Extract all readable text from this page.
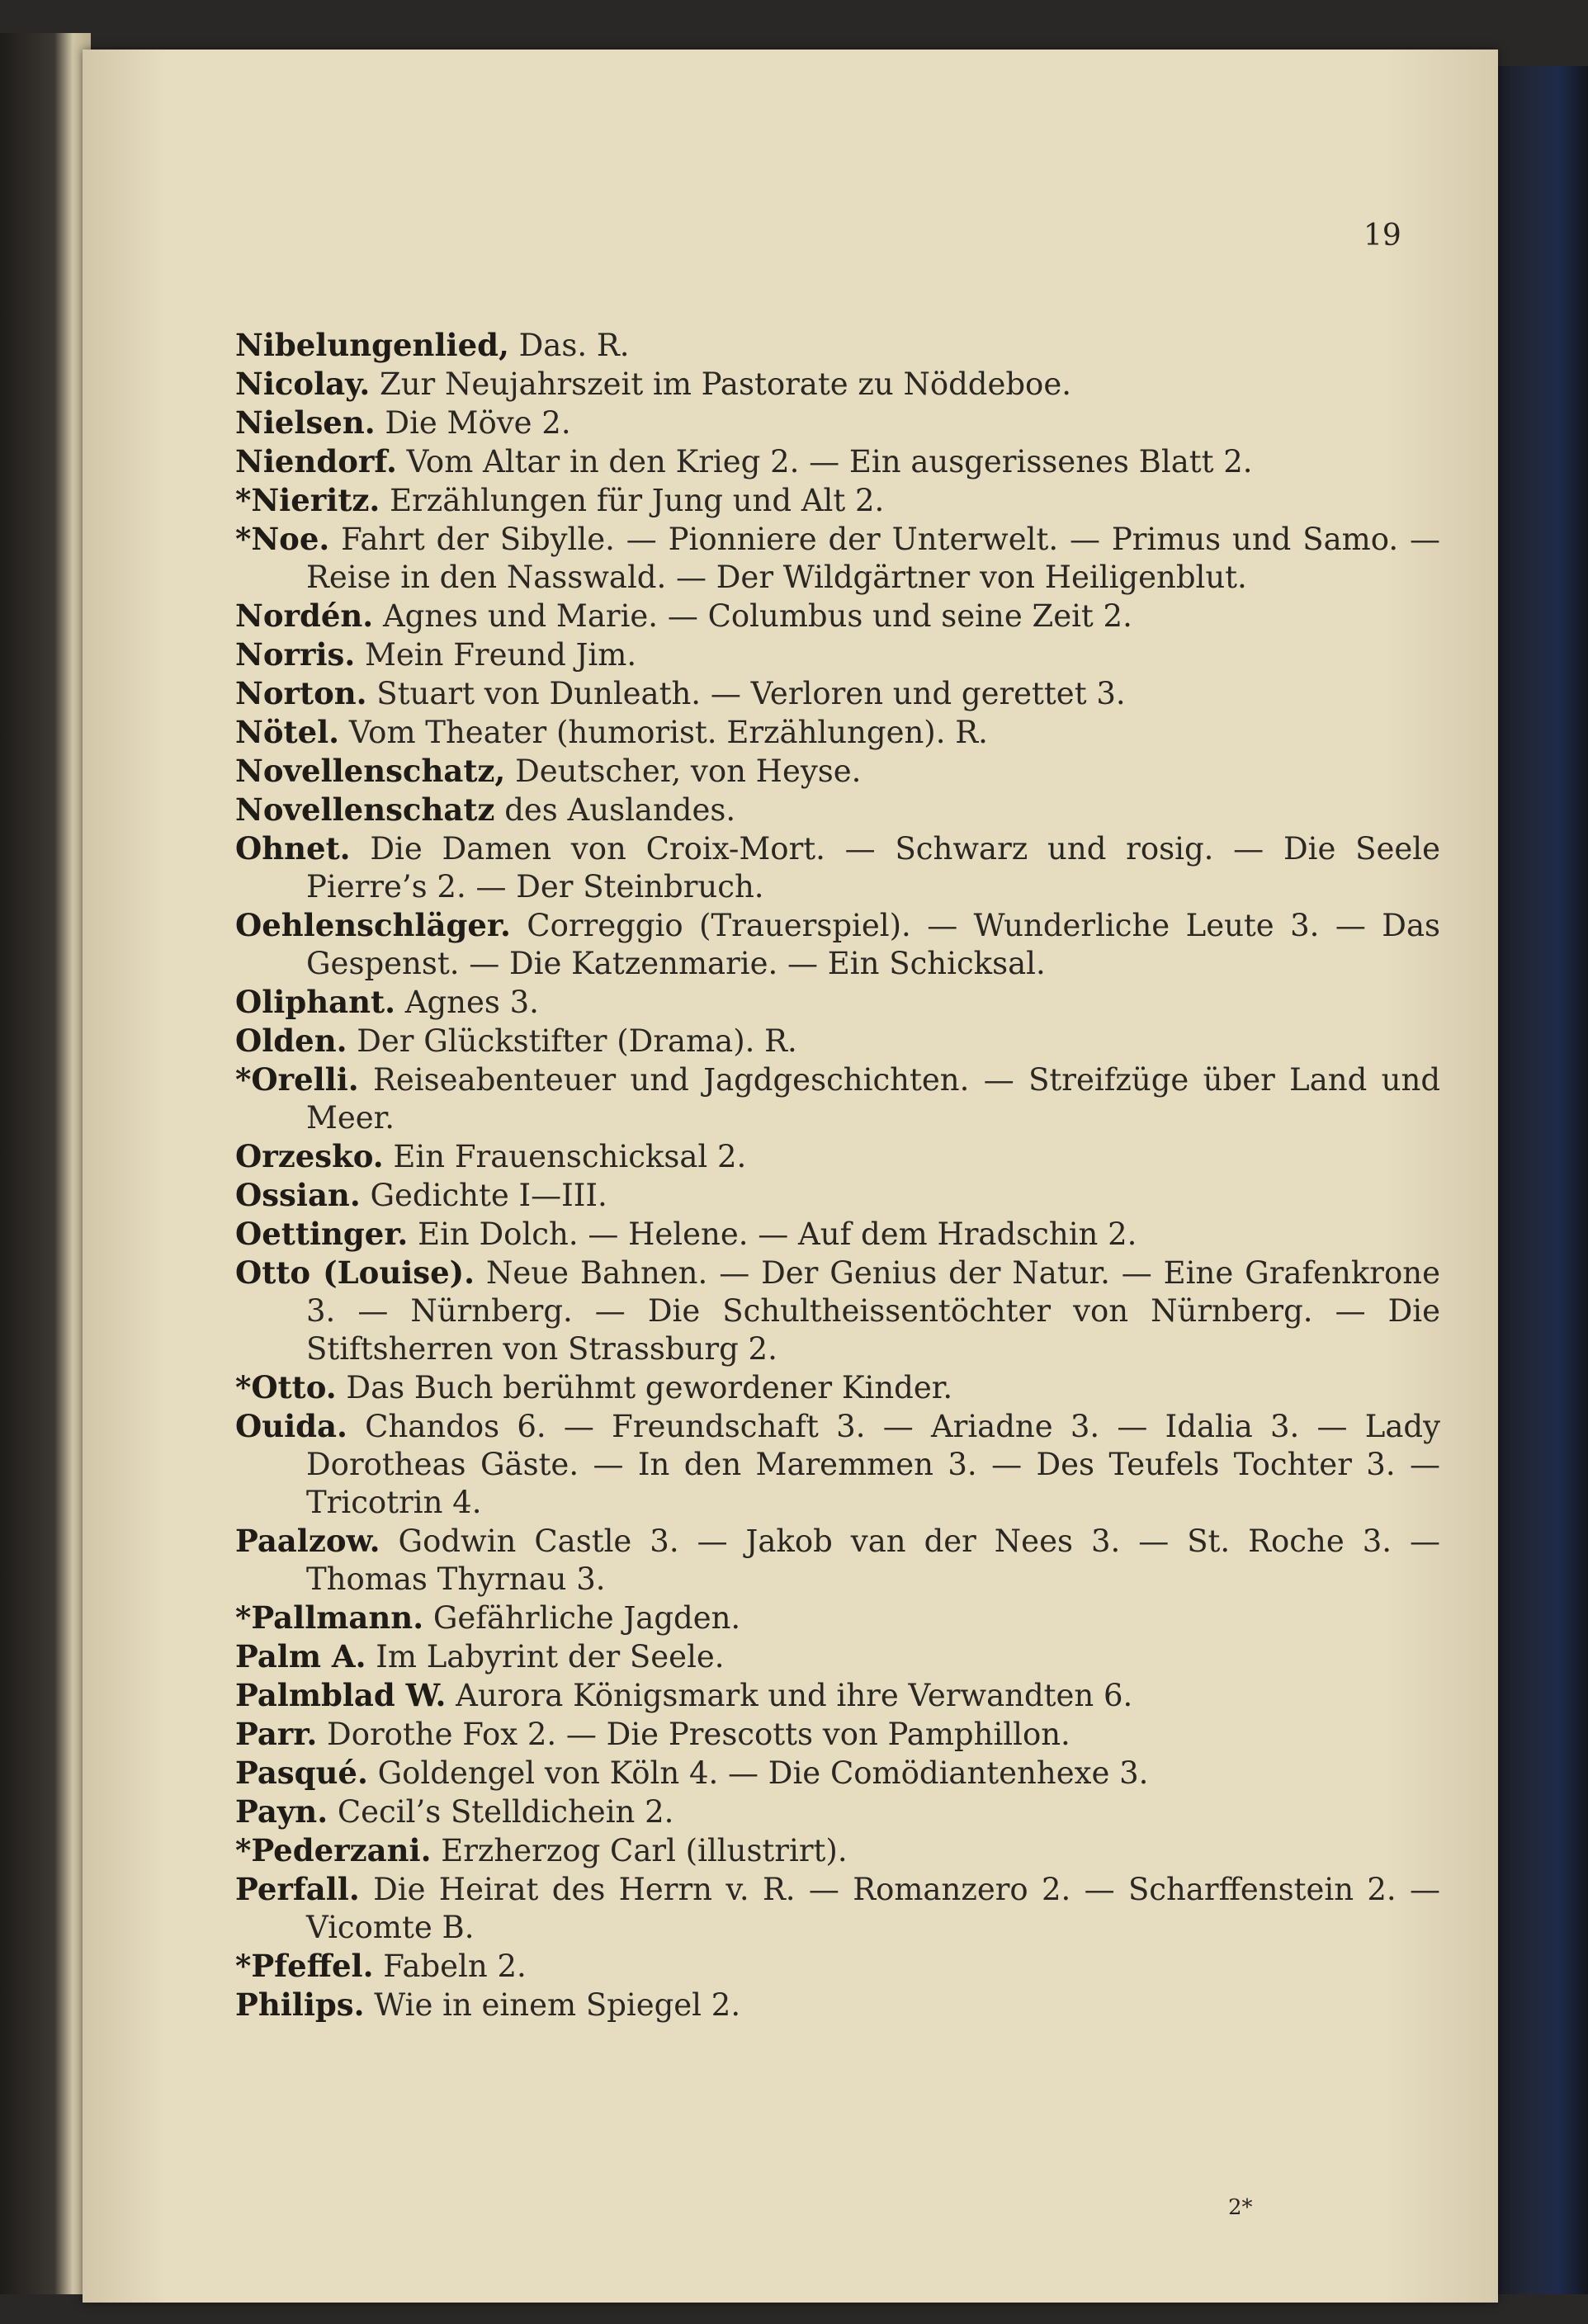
19
Nibelungenlied, Das. R.
Nicolay. Zur Neujahrszeit im Pastorate zu Nöddeboe.
Nielsen. Die Möve 2.
Niendorf. Vom Altar in den Krieg 2. — Ein ausgerissenes Blatt 2.
*Nieritz. Erzählungen für Jung und Alt 2.
*Noe. Fahrt der Sibylle. — Pionniere der Unterwelt. — Primus und Samo. — Reise in den Nasswald. — Der Wildgärtner von Heiligenblut.
Nordén. Agnes und Marie. — Columbus und seine Zeit 2.
Norris. Mein Freund Jim.
Norton. Stuart von Dunleath. — Verloren und gerettet 3.
Nötel. Vom Theater (humorist. Erzählungen). R.
Novellenschatz, Deutscher, von Heyse.
Novellenschatz des Auslandes.
Ohnet. Die Damen von Croix-Mort. — Schwarz und rosig. — Die Seele Pierre’s 2. — Der Steinbruch.
Oehlenschläger. Correggio (Trauerspiel). — Wunderliche Leute 3. — Das Gespenst. — Die Katzenmarie. — Ein Schicksal.
Oliphant. Agnes 3.
Olden. Der Glückstifter (Drama). R.
*Orelli. Reiseabenteuer und Jagdgeschichten. — Streifzüge über Land und Meer.
Orzesko. Ein Frauenschicksal 2.
Ossian. Gedichte I—III.
Oettinger. Ein Dolch. — Helene. — Auf dem Hradschin 2.
Otto (Louise). Neue Bahnen. — Der Genius der Natur. — Eine Grafenkrone 3. — Nürnberg. — Die Schultheissentöchter von Nürnberg. — Die Stiftsherren von Strassburg 2.
*Otto. Das Buch berühmt gewordener Kinder.
Ouida. Chandos 6. — Freundschaft 3. — Ariadne 3. — Idalia 3. — Lady Dorotheas Gäste. — In den Maremmen 3. — Des Teufels Tochter 3. — Tricotrin 4.
Paalzow. Godwin Castle 3. — Jakob van der Nees 3. — St. Roche 3. — Thomas Thyrnau 3.
*Pallmann. Gefährliche Jagden.
Palm A. Im Labyrint der Seele.
Palmblad W. Aurora Königsmark und ihre Verwandten 6.
Parr. Dorothe Fox 2. — Die Prescotts von Pamphillon.
Pasqué. Goldengel von Köln 4. — Die Comödiantenhexe 3.
Payn. Cecil’s Stelldichein 2.
*Pederzani. Erzherzog Carl (illustrirt).
Perfall. Die Heirat des Herrn v. R. — Romanzero 2. — Scharffenstein 2. — Vicomte B.
*Pfeffel. Fabeln 2.
Philips. Wie in einem Spiegel 2.
2*
